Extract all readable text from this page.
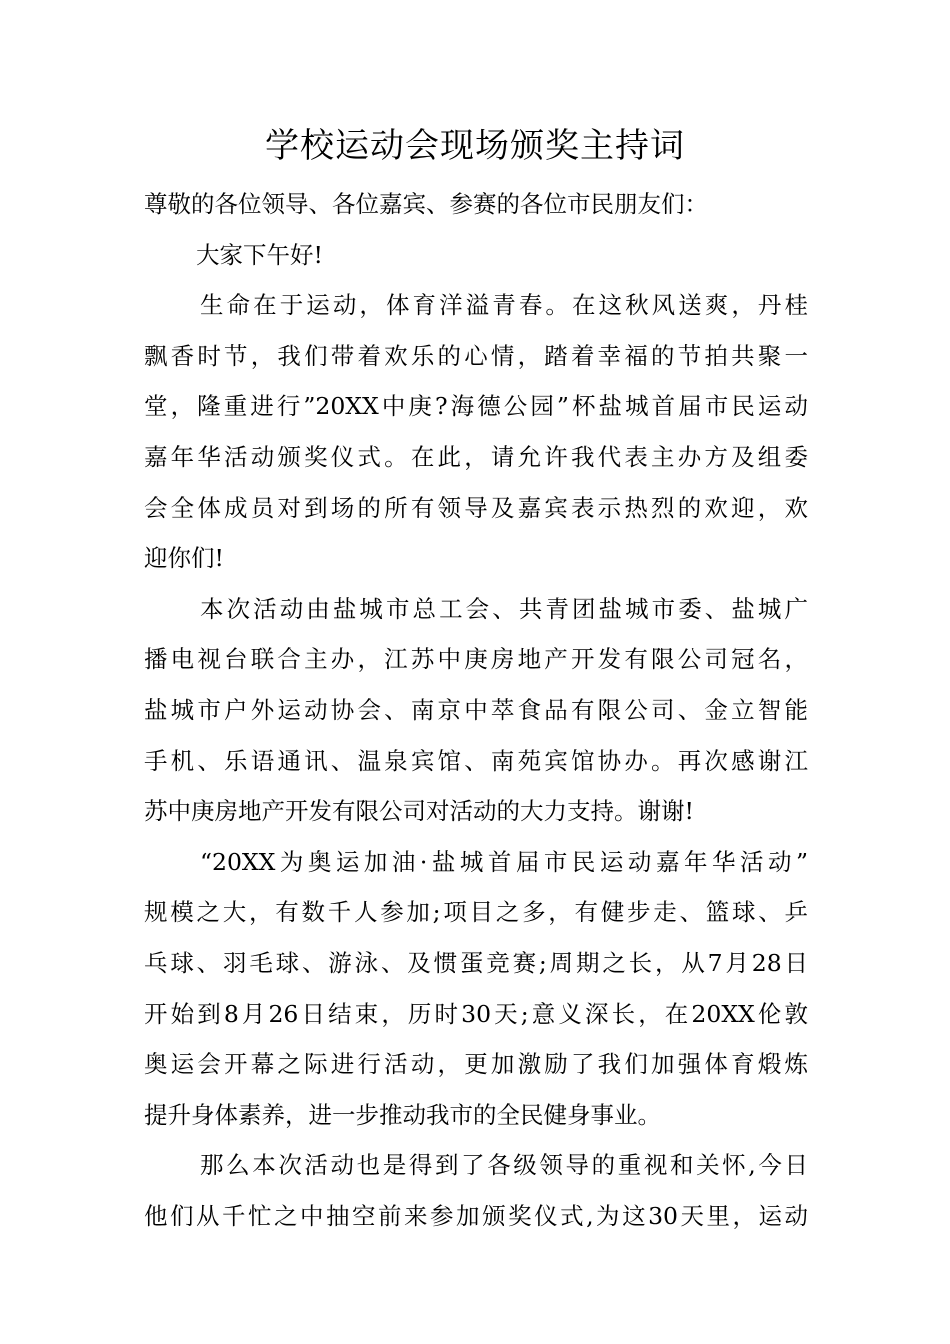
学校运动会现场颁奖主持词
尊敬的各位领导、各位嘉宾、参赛的各位市民朋友们：
大家下午好!
生命在于运动，体育洋溢青春。在这秋风送爽，丹桂
飘香时节，我们带着欢乐的心情，踏着幸福的节拍共聚一
堂，隆重进行”20XX中庚?海德公园”杯盐城首届市民运动
嘉年华活动颁奖仪式。在此，请允许我代表主办方及组委
会全体成员对到场的所有领导及嘉宾表示热烈的欢迎，欢
迎你们!
本次活动由盐城市总工会、共青团盐城市委、盐城广
播电视台联合主办，江苏中庚房地产开发有限公司冠名，
盐城市户外运动协会、南京中萃食品有限公司、金立智能
手机、乐语通讯、温泉宾馆、南苑宾馆协办。再次感谢江
苏中庚房地产开发有限公司对活动的大力支持。谢谢!
“20XX为奥运加油·盐城首届市民运动嘉年华活动”
规模之大，有数千人参加;项目之多，有健步走、篮球、乒
乓球、羽毛球、游泳、及惯蛋竞赛;周期之长，从7月28日
开始到8月26日结束，历时30天;意义深长，在20XX伦敦
奥运会开幕之际进行活动，更加激励了我们加强体育煅炼
提升身体素养，进一步推动我市的全民健身事业。
那么本次活动也是得到了各级领导的重视和关怀,今日
他们从千忙之中抽空前来参加颁奖仪式,为这30天里，运动
